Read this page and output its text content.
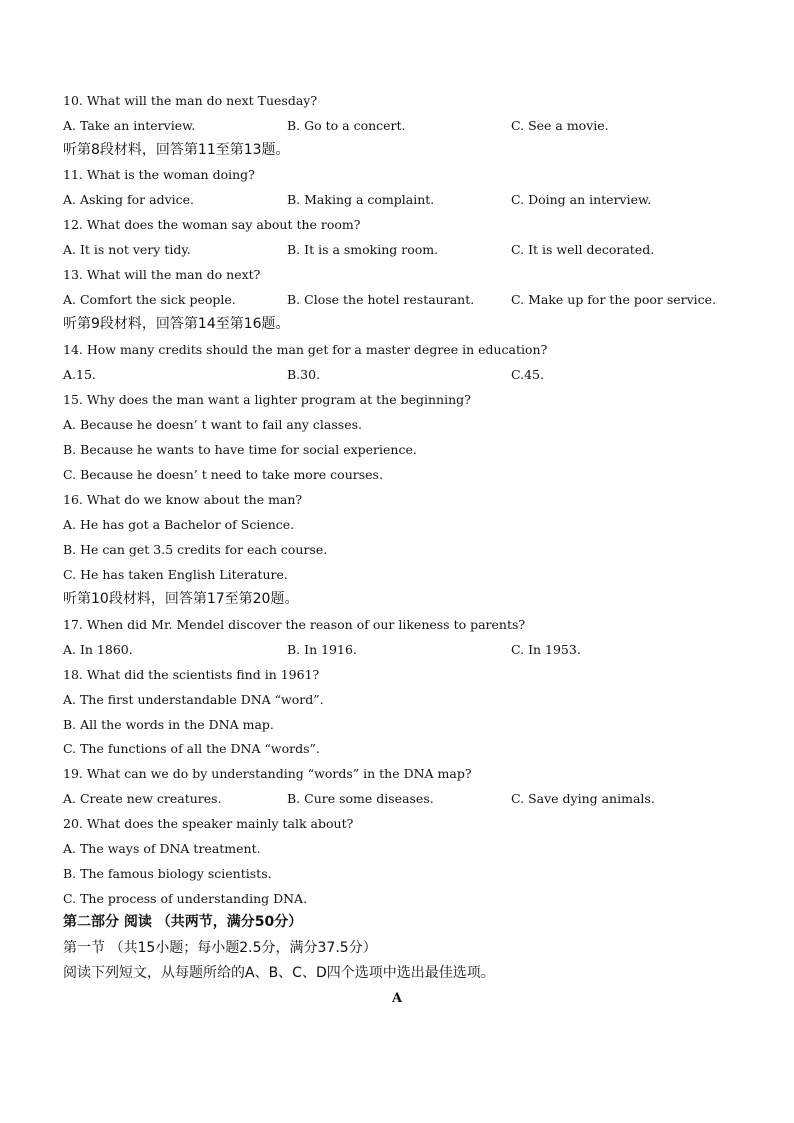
10. What will the man do next Tuesday?

A. Take an interview.

	B. Go to a concert.

	C. See a movie.

听第8段材料，回答第11至第13题。
11. What is the woman doing?

A. Asking for advice.

	B. Making a complaint.

	C. Doing an interview.

12. What does the woman say about the room?

A. It is not very tidy.

	B. It is a smoking room.

	C. It is well decorated.

13. What will the man do next?

A. Comfort the sick people.

	B. Close the hotel restaurant.

	C. Make up for the poor service.

听第9段材料，回答第14至第16题。
14. How many credits should the man get for a master degree in education?

A.15.

	B.30.

	C.45.

15. Why does the man want a lighter program at the beginning?
A. Because he doesn’ t want to fail any classes.
B. Because he wants to have time for social experience.
C. Because he doesn’ t need to take more courses.
16. What do we know about the man?
A. He has got a Bachelor of Science.
B. He can get 3.5 credits for each course.
C. He has taken English Literature.
听第10段材料，回答第17至第20题。
17. When did Mr. Mendel discover the reason of our likeness to parents?

A. In 1860.

	B. In 1916.

	C. In 1953.

18. What did the scientists find in 1961?
A. The first understandable DNA “word”.
B. All the words in the DNA map.
C. The functions of all the DNA “words”.
19. What can we do by understanding “words” in the DNA map?

A. Create new creatures.

	B. Cure some diseases.

	C. Save dying animals.

20. What does the speaker mainly talk about?
A. The ways of DNA treatment.
B. The famous biology scientists.
C. The process of understanding DNA.
第二部分 阅读 （共两节，满分50分）
第一节 （共15小题；每小题2.5分，满分37.5分）
阅读下列短文，从每题所给的A、B、C、D四个选项中选出最佳选项。
A
